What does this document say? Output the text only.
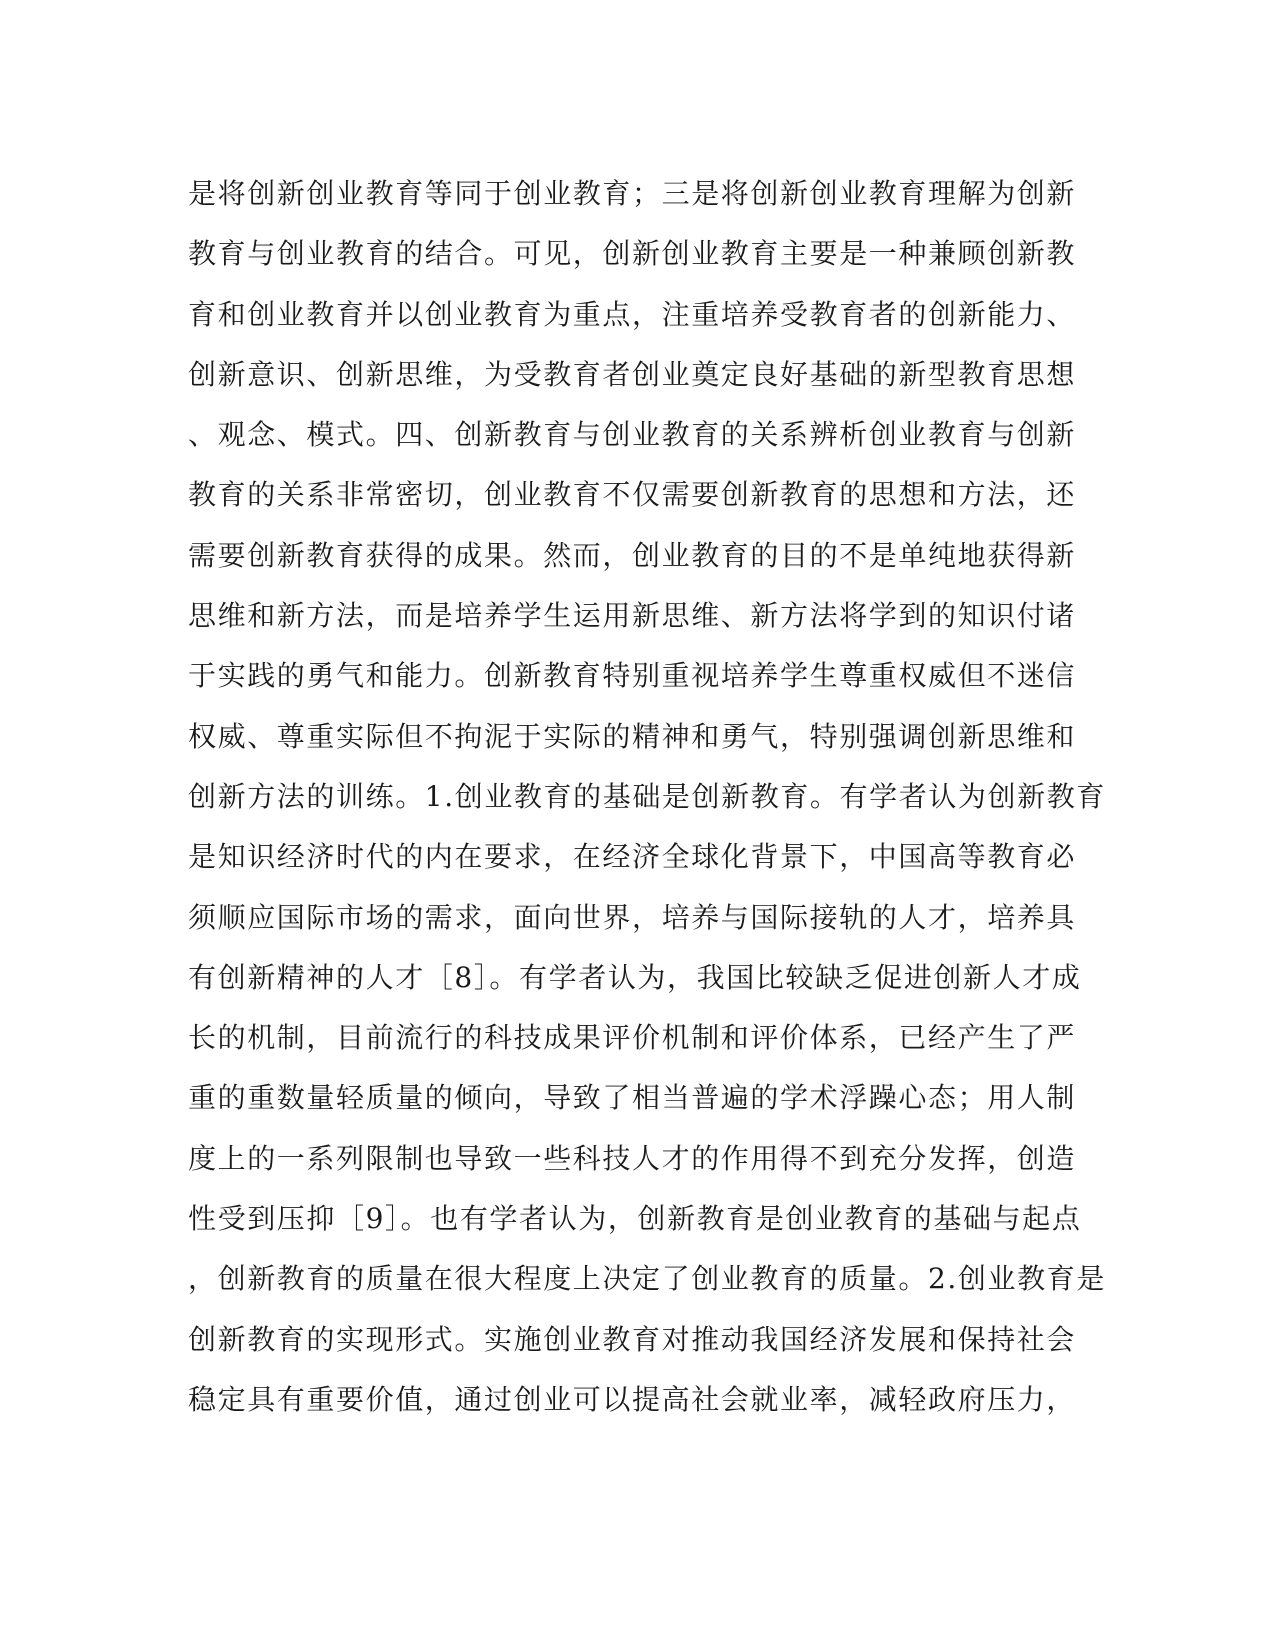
是将创新创业教育等同于创业教育；三是将创新创业教育理解为创新
教育与创业教育的结合。可见，创新创业教育主要是一种兼顾创新教
育和创业教育并以创业教育为重点，注重培养受教育者的创新能力、
创新意识、创新思维，为受教育者创业奠定良好基础的新型教育思想
、观念、模式。四、创新教育与创业教育的关系辨析创业教育与创新
教育的关系非常密切，创业教育不仅需要创新教育的思想和方法，还
需要创新教育获得的成果。然而，创业教育的目的不是单纯地获得新
思维和新方法，而是培养学生运用新思维、新方法将学到的知识付诸
于实践的勇气和能力。创新教育特别重视培养学生尊重权威但不迷信
权威、尊重实际但不拘泥于实际的精神和勇气，特别强调创新思维和
创新方法的训练。1.创业教育的基础是创新教育。有学者认为创新教育
是知识经济时代的内在要求，在经济全球化背景下，中国高等教育必
须顺应国际市场的需求，面向世界，培养与国际接轨的人才，培养具
有创新精神的人才［8］。有学者认为，我国比较缺乏促进创新人才成
长的机制，目前流行的科技成果评价机制和评价体系，已经产生了严
重的重数量轻质量的倾向，导致了相当普遍的学术浮躁心态；用人制
度上的一系列限制也导致一些科技人才的作用得不到充分发挥，创造
性受到压抑［9］。也有学者认为，创新教育是创业教育的基础与起点
，创新教育的质量在很大程度上决定了创业教育的质量。2.创业教育是
创新教育的实现形式。实施创业教育对推动我国经济发展和保持社会
稳定具有重要价值，通过创业可以提高社会就业率，减轻政府压力，
